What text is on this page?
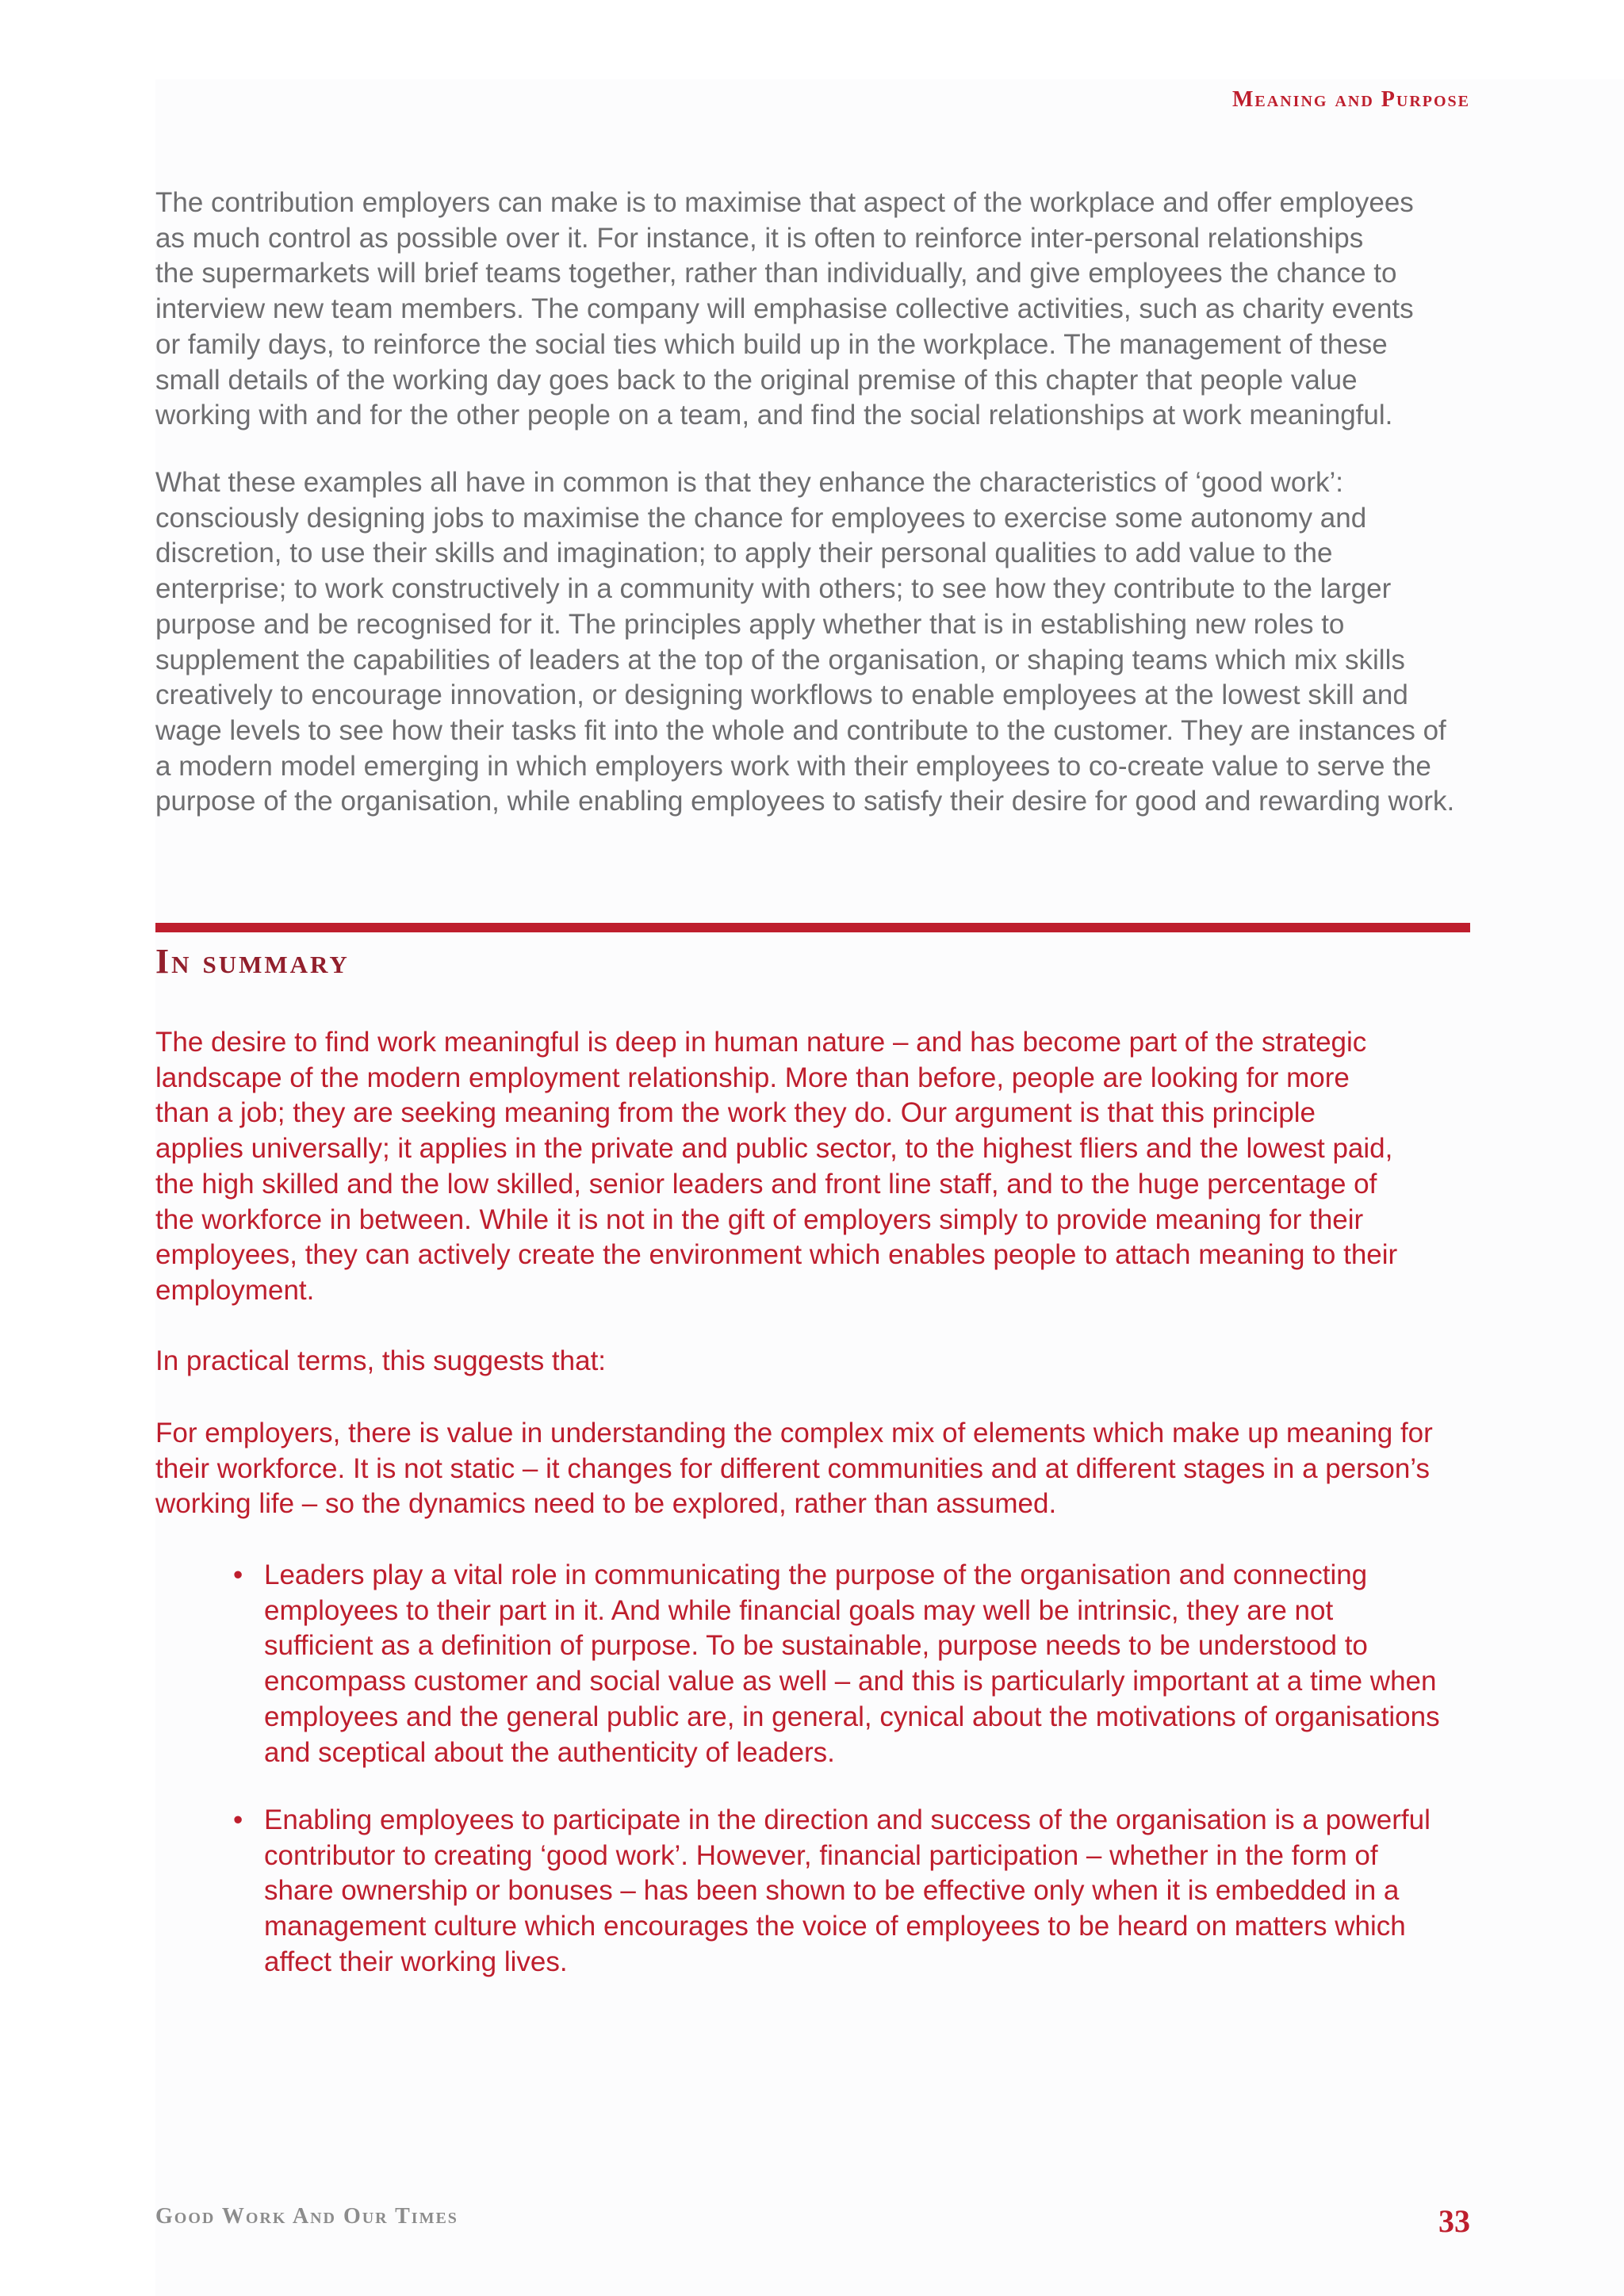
Meaning and Purpose
The contribution employers can make is to maximise that aspect of the workplace and offer employees
as much control as possible over it. For instance, it is often to reinforce inter-personal relationships
the supermarkets will brief teams together, rather than individually, and give employees the chance to
interview new team members. The company will emphasise collective activities, such as charity events
or family days, to reinforce the social ties which build up in the workplace. The management of these
small details of the working day goes back to the original premise of this chapter that people value
working with and for the other people on a team, and find the social relationships at work meaningful.
What these examples all have in common is that they enhance the characteristics of ‘good work’:
consciously designing jobs to maximise the chance for employees to exercise some autonomy and
discretion, to use their skills and imagination; to apply their personal qualities to add value to the
enterprise; to work constructively in a community with others; to see how they contribute to the larger
purpose and be recognised for it. The principles apply whether that is in establishing new roles to
supplement the capabilities of leaders at the top of the organisation, or shaping teams which mix skills
creatively to encourage innovation, or designing workflows to enable employees at the lowest skill and
wage levels to see how their tasks fit into the whole and contribute to the customer. They are instances of
a modern model emerging in which employers work with their employees to co-create value to serve the
purpose of the organisation, while enabling employees to satisfy their desire for good and rewarding work.
In summary
The desire to find work meaningful is deep in human nature – and has become part of the strategic
landscape of the modern employment relationship. More than before, people are looking for more
than a job; they are seeking meaning from the work they do. Our argument is that this principle
applies universally; it applies in the private and public sector, to the highest fliers and the lowest paid,
the high skilled and the low skilled, senior leaders and front line staff, and to the huge percentage of
the workforce in between. While it is not in the gift of employers simply to provide meaning for their
employees, they can actively create the environment which enables people to attach meaning to their
employment.
In practical terms, this suggests that:
For employers, there is value in understanding the complex mix of elements which make up meaning for
their workforce. It is not static – it changes for different communities and at different stages in a person’s
working life – so the dynamics need to be explored, rather than assumed.
• Leaders play a vital role in communicating the purpose of the organisation and connecting
employees to their part in it. And while financial goals may well be intrinsic, they are not
sufficient as a definition of purpose. To be sustainable, purpose needs to be understood to
encompass customer and social value as well – and this is particularly important at a time when
employees and the general public are, in general, cynical about the motivations of organisations
and sceptical about the authenticity of leaders.
• Enabling employees to participate in the direction and success of the organisation is a powerful
contributor to creating ‘good work’. However, financial participation – whether in the form of
share ownership or bonuses – has been shown to be effective only when it is embedded in a
management culture which encourages the voice of employees to be heard on matters which
affect their working lives.
Good Work And Our Times	33
